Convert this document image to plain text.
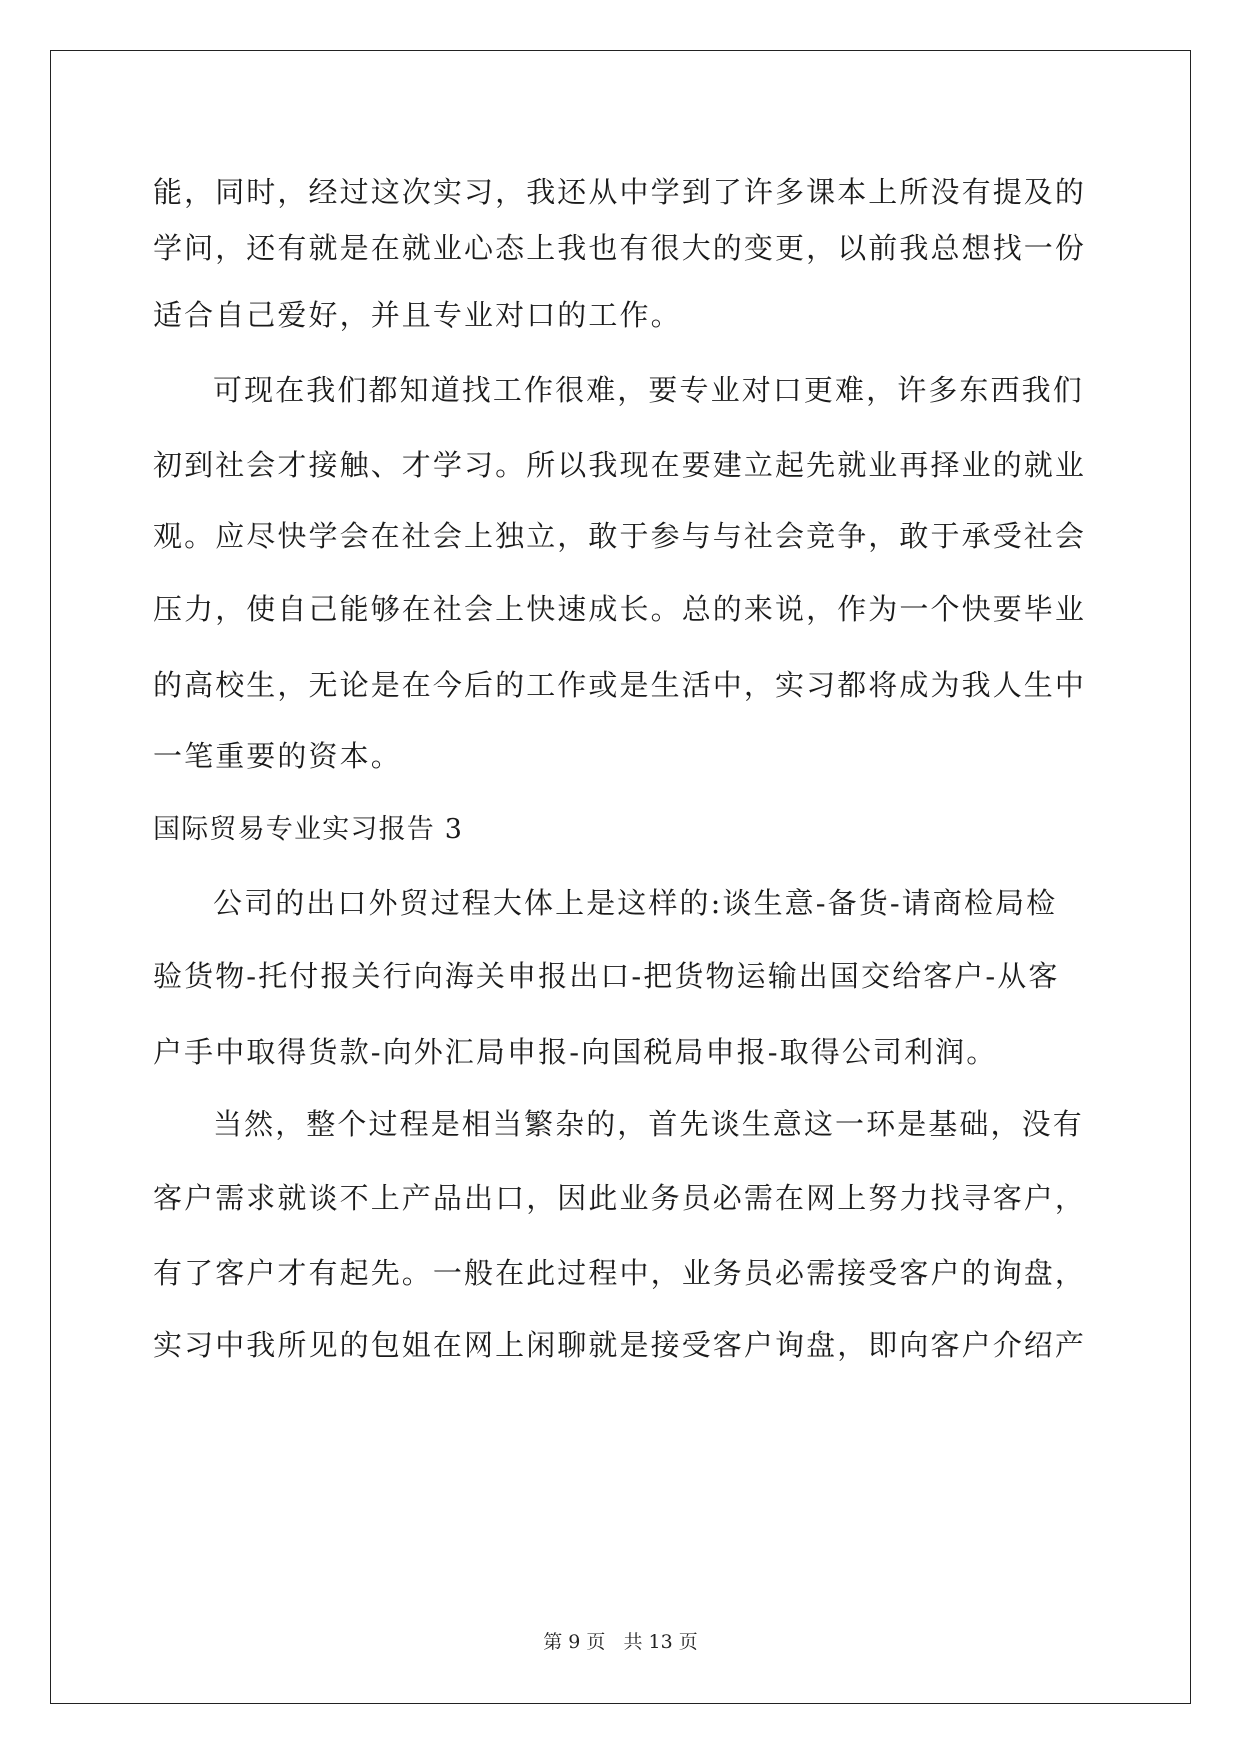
能，同时，经过这次实习，我还从中学到了许多课本上所没有提及的
学问，还有就是在就业心态上我也有很大的变更，以前我总想找一份
适合自己爱好，并且专业对口的工作。
可现在我们都知道找工作很难，要专业对口更难，许多东西我们
初到社会才接触、才学习。所以我现在要建立起先就业再择业的就业
观。应尽快学会在社会上独立，敢于参与与社会竞争，敢于承受社会
压力，使自己能够在社会上快速成长。总的来说，作为一个快要毕业
的高校生，无论是在今后的工作或是生活中，实习都将成为我人生中
一笔重要的资本。
国际贸易专业实习报告 3
公司的出口外贸过程大体上是这样的:谈生意-备货-请商检局检
验货物-托付报关行向海关申报出口-把货物运输出国交给客户-从客
户手中取得货款-向外汇局申报-向国税局申报-取得公司利润。
当然，整个过程是相当繁杂的，首先谈生意这一环是基础，没有
客户需求就谈不上产品出口，因此业务员必需在网上努力找寻客户，
有了客户才有起先。一般在此过程中，业务员必需接受客户的询盘，
实习中我所见的包姐在网上闲聊就是接受客户询盘，即向客户介绍产
第 9 页 共 13 页
